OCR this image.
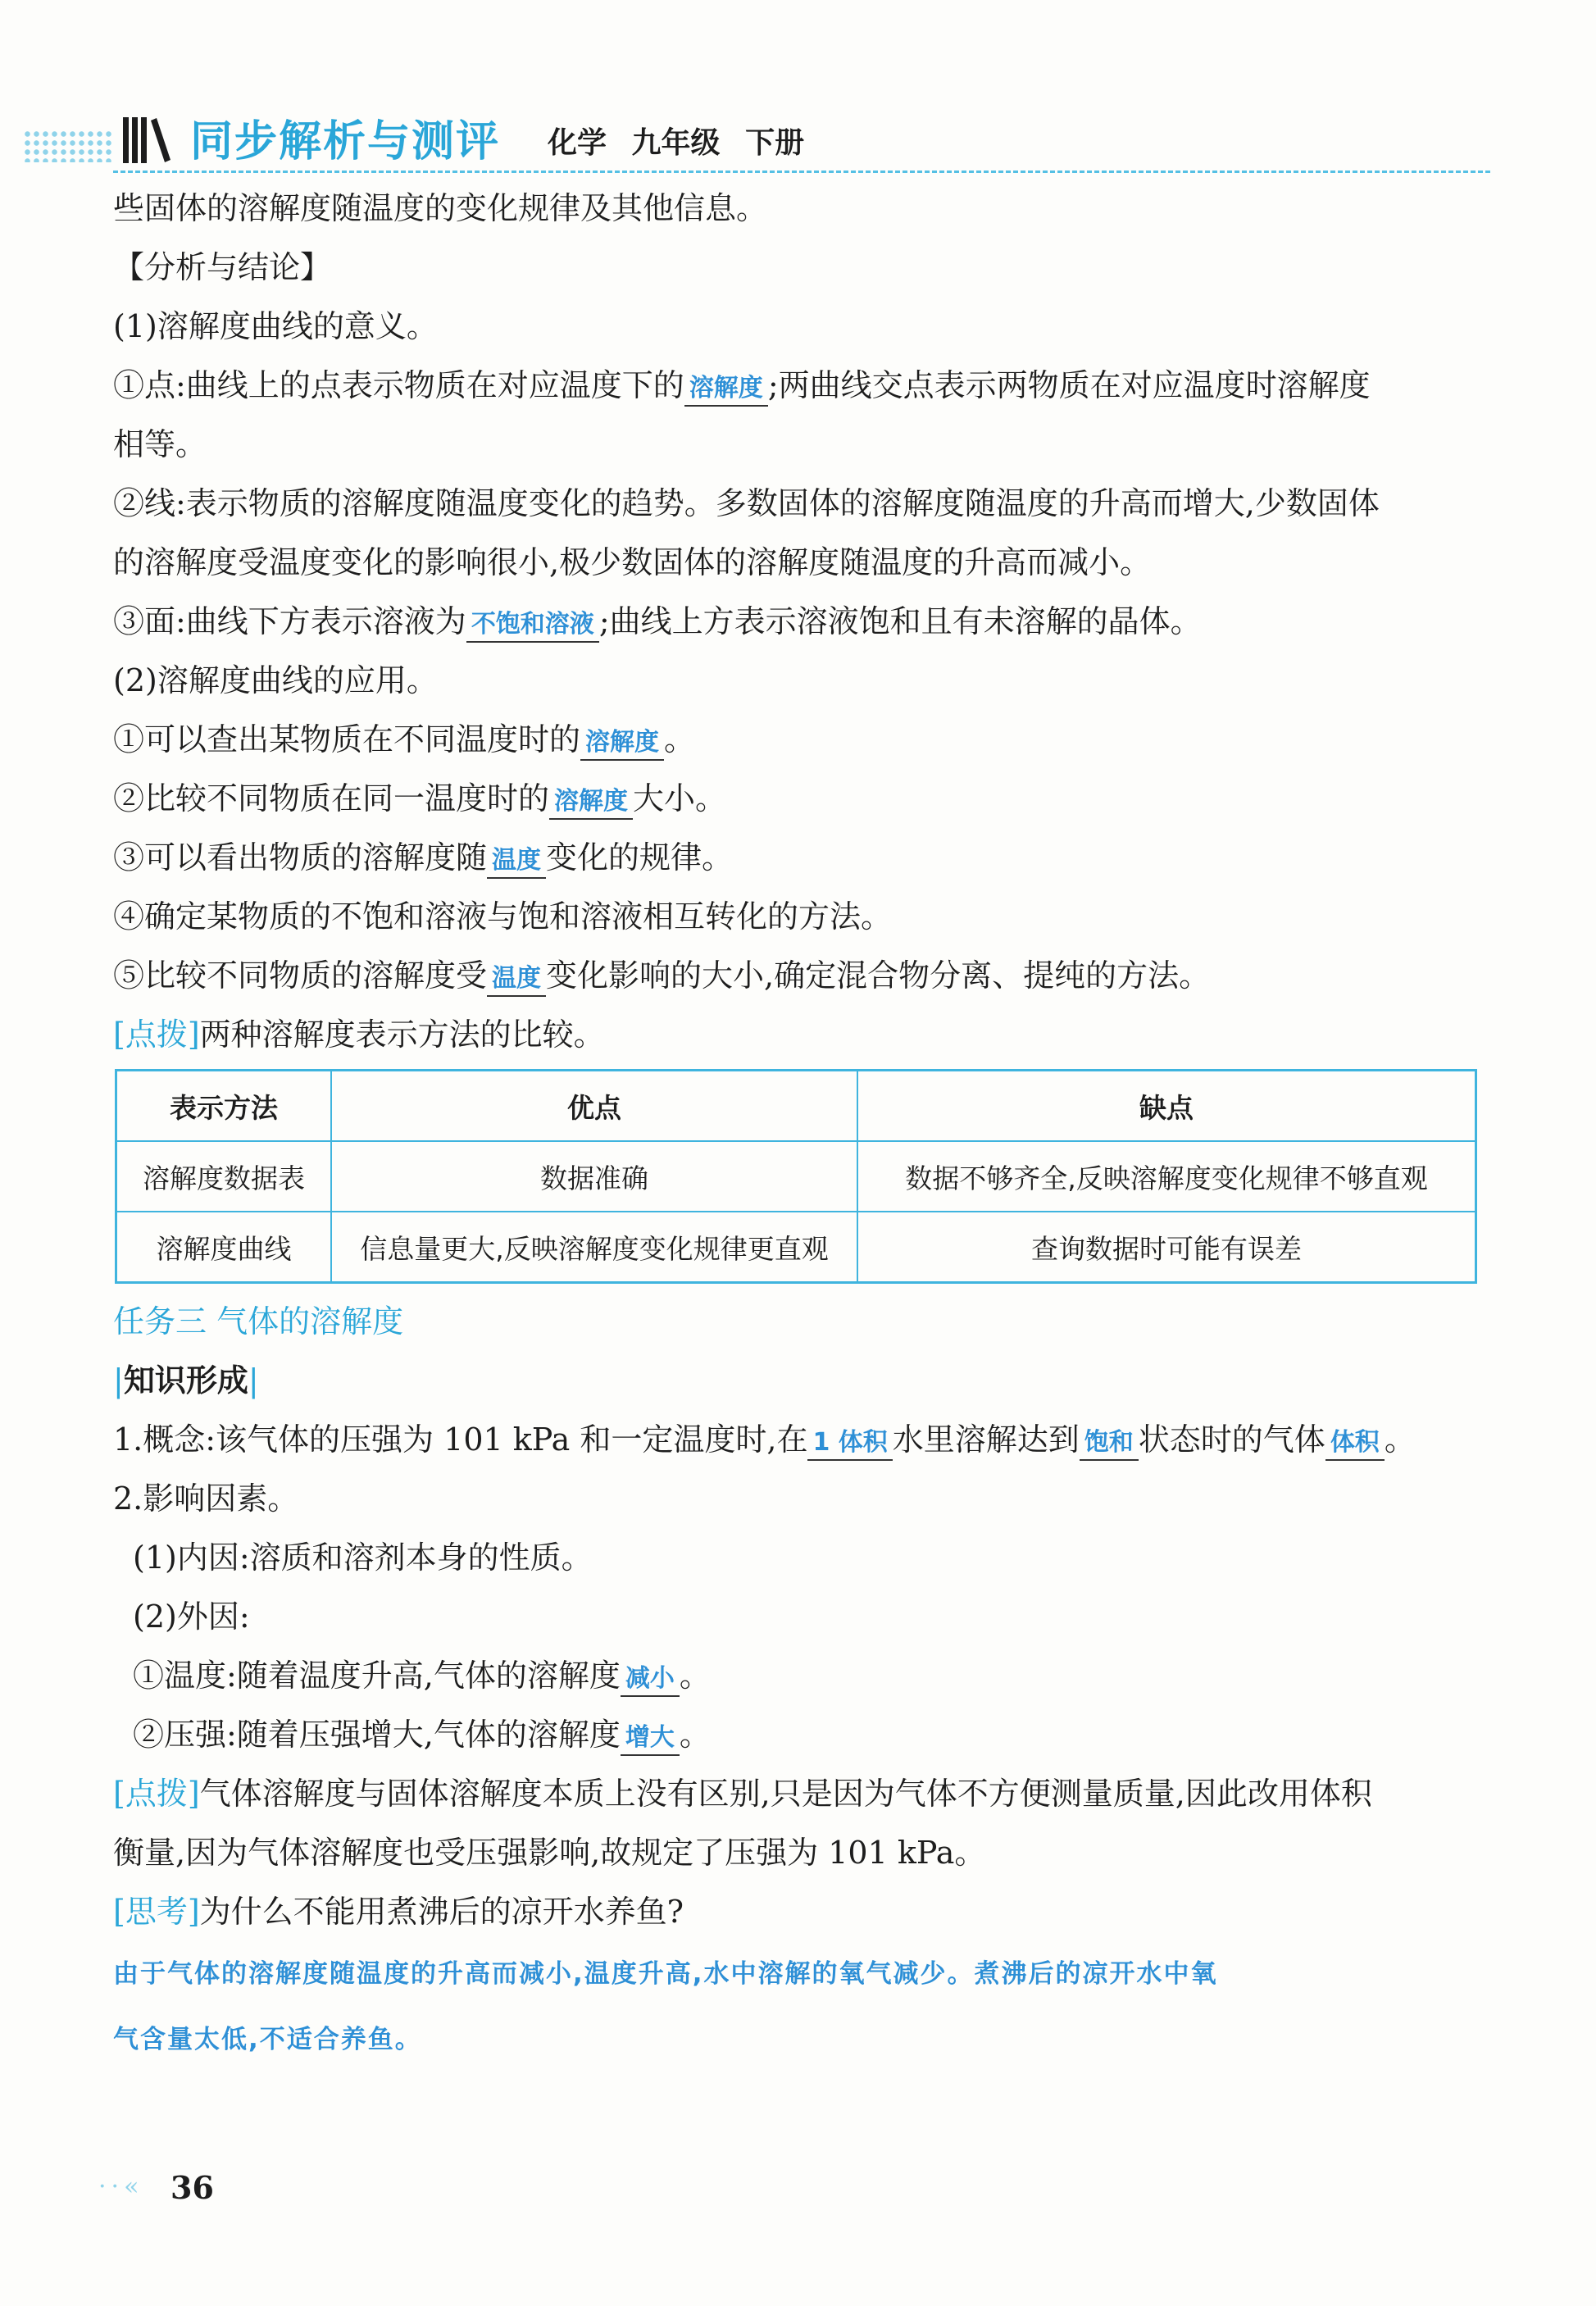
同步解析与测评 化学 九年级 下册
些固体的溶解度随温度的变化规律及其他信息。
【分析与结论】
(1)溶解度曲线的意义。
①点:曲线上的点表示物质在对应温度下的 溶解度 ;两曲线交点表示两物质在对应温度时溶解度
相等。
②线:表示物质的溶解度随温度变化的趋势。多数固体的溶解度随温度的升高而增大,少数固体
的溶解度受温度变化的影响很小,极少数固体的溶解度随温度的升高而减小。
③面:曲线下方表示溶液为 不饱和溶液 ;曲线上方表示溶液饱和且有未溶解的晶体。
(2)溶解度曲线的应用。
①可以查出某物质在不同温度时的 溶解度 。
②比较不同物质在同一温度时的 溶解度 大小。
③可以看出物质的溶解度随 温度 变化的规律。
④确定某物质的不饱和溶液与饱和溶液相互转化的方法。
⑤比较不同物质的溶解度受 温度 变化影响的大小,确定混合物分离、提纯的方法。
[点拨]两种溶解度表示方法的比较。
表示方法	优点	缺点
溶解度数据表	数据准确	数据不够齐全,反映溶解度变化规律不够直观
溶解度曲线	信息量更大,反映溶解度变化规律更直观	查询数据时可能有误差
任务三 气体的溶解度
|知识形成|
1.概念:该气体的压强为 101 kPa 和一定温度时,在 1 体积 水里溶解达到 饱和 状态时的气体 体积 。
2.影响因素。
(1)内因:溶质和溶剂本身的性质。
(2)外因:
①温度:随着温度升高,气体的溶解度 减小 。
②压强:随着压强增大,气体的溶解度 增大 。
[点拨]气体溶解度与固体溶解度本质上没有区别,只是因为气体不方便测量质量,因此改用体积
衡量,因为气体溶解度也受压强影响,故规定了压强为 101 kPa。
[思考]为什么不能用煮沸后的凉开水养鱼?
由于气体的溶解度随温度的升高而减小,温度升高,水中溶解的氧气减少。煮沸后的凉开水中氧
气含量太低,不适合养鱼。
··« 36
